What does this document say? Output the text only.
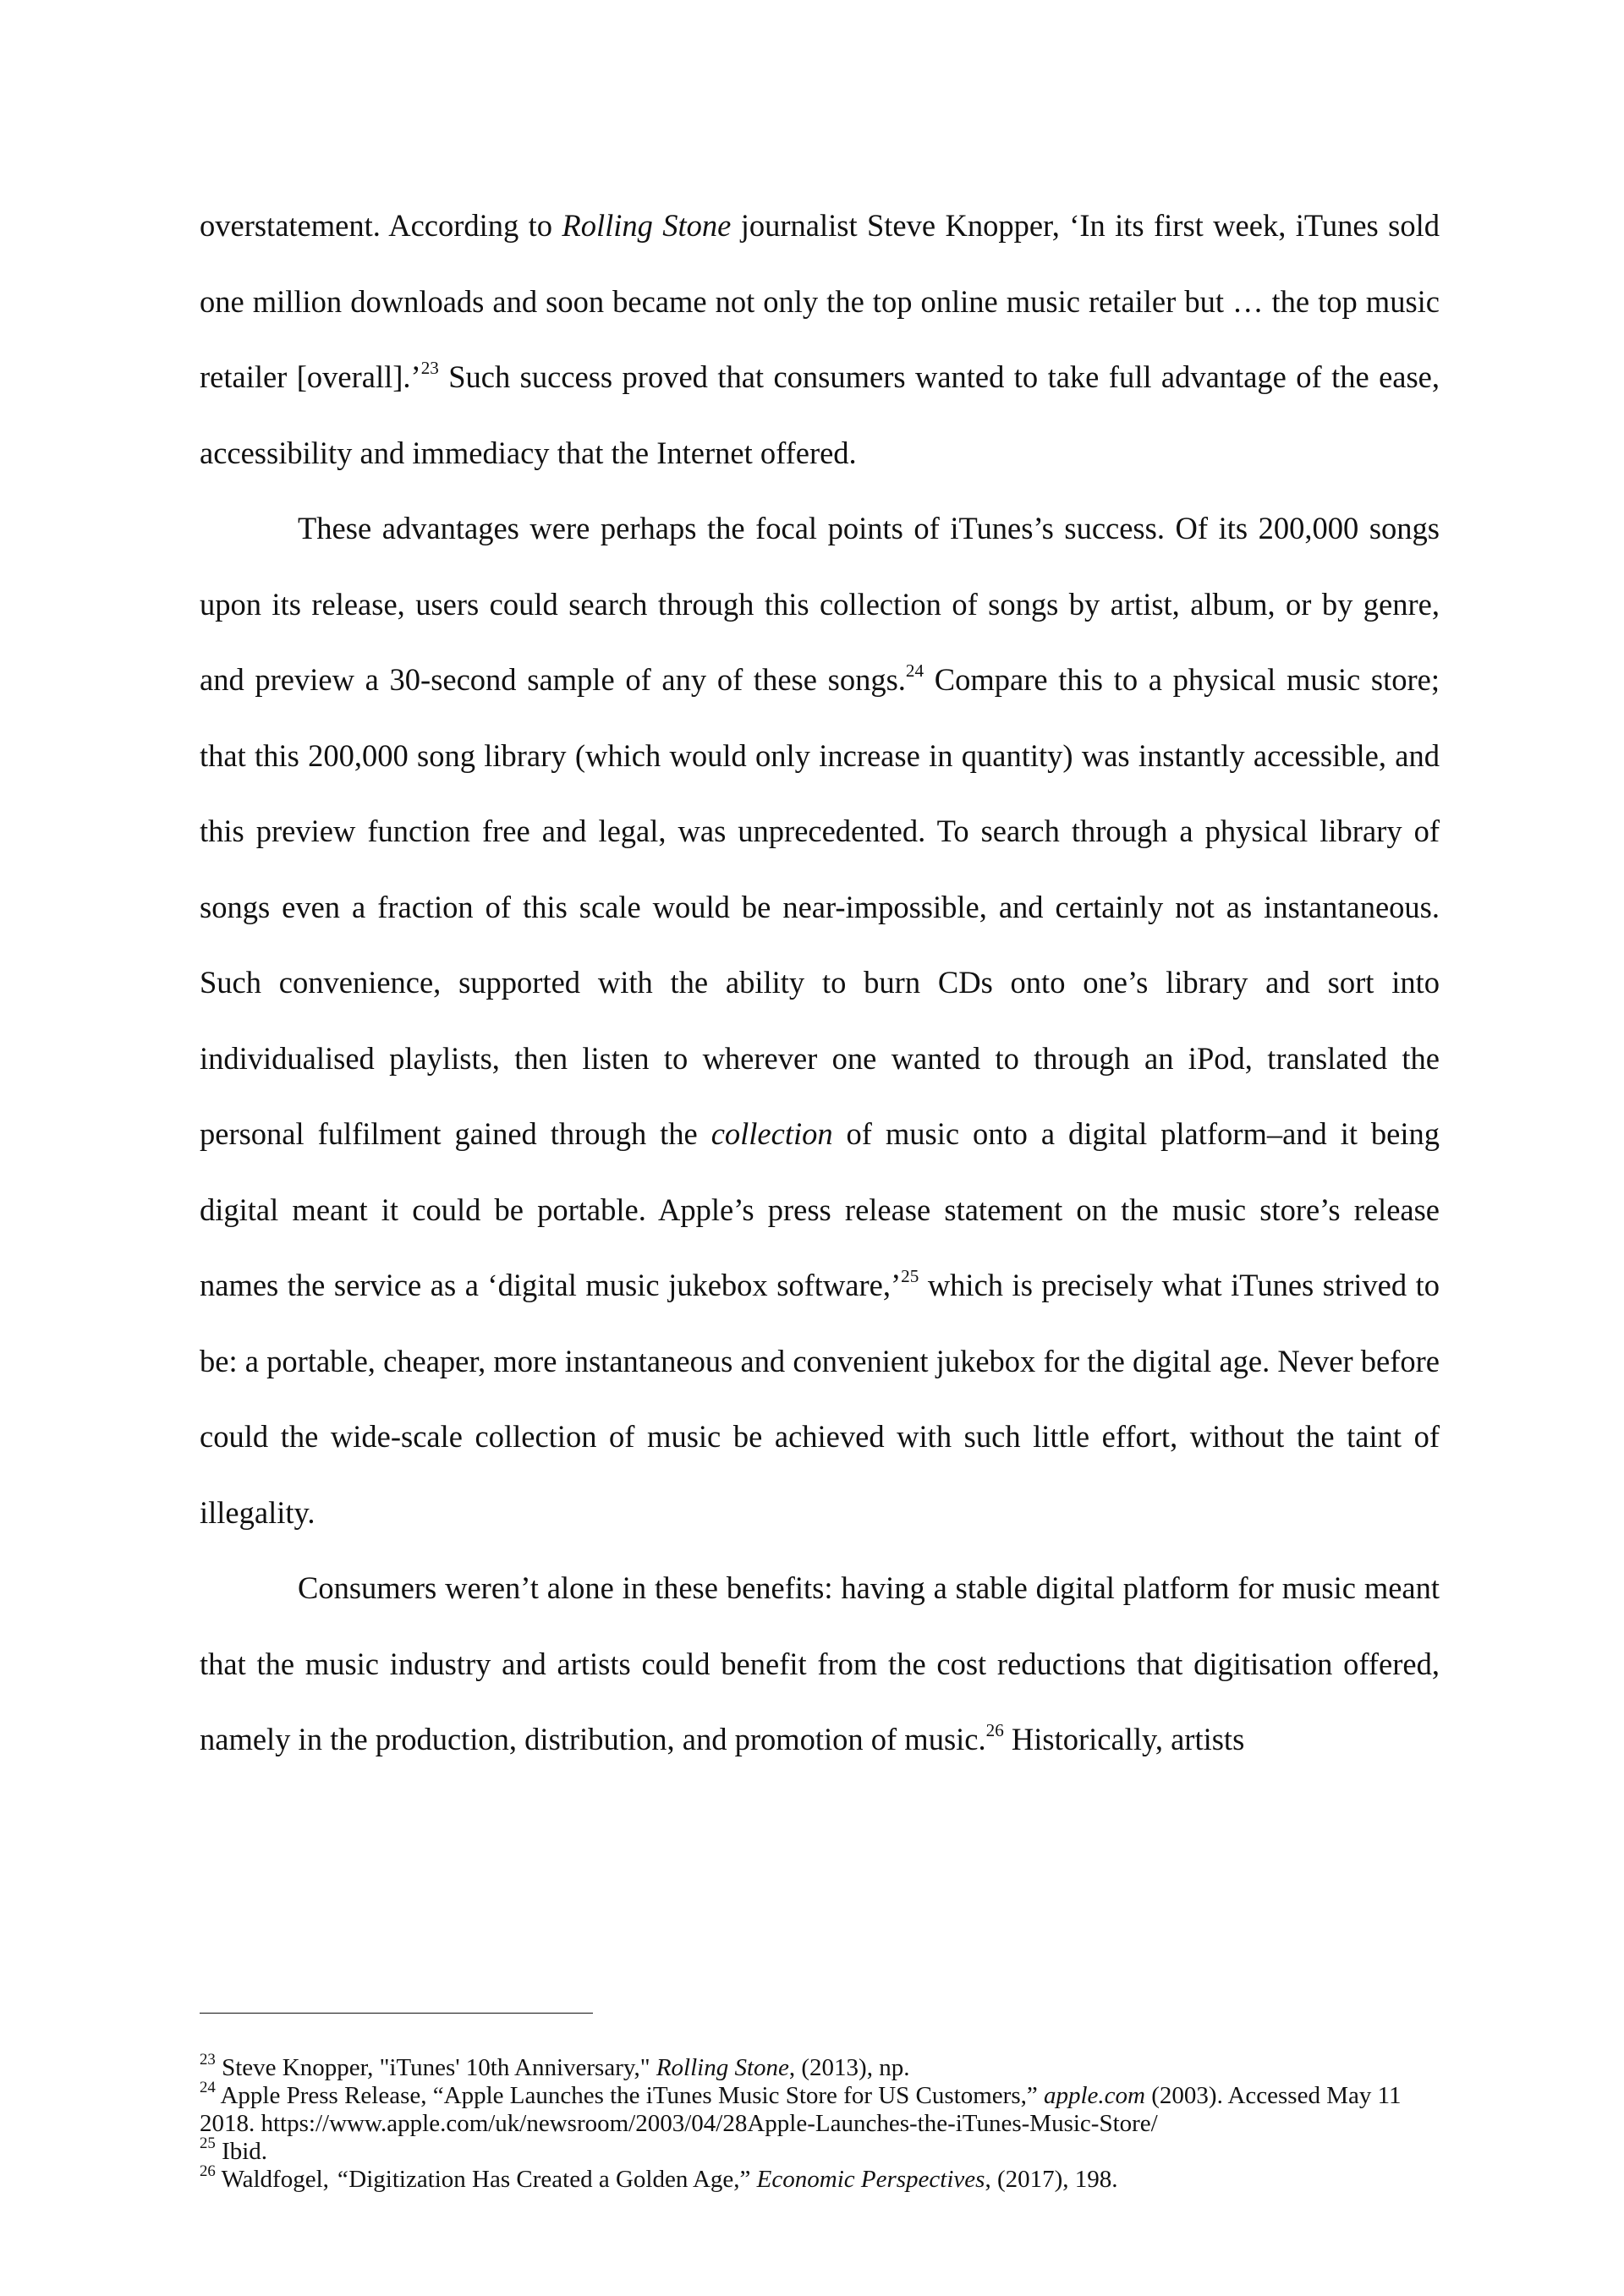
overstatement. According to Rolling Stone journalist Steve Knopper, ‘In its first week, iTunes sold one million downloads and soon became not only the top online music retailer but … the top music retailer [overall].’$^{23}$ Such success proved that consumers wanted to take full advantage of the ease, accessibility and immediacy that the Internet offered.

These advantages were perhaps the focal points of iTunes’s success. Of its 200,000 songs upon its release, users could search through this collection of songs by artist, album, or by genre, and preview a 30-second sample of any of these songs.$^{24}$ Compare this to a physical music store; that this 200,000 song library (which would only increase in quantity) was instantly accessible, and this preview function free and legal, was unprecedented. To search through a physical library of songs even a fraction of this scale would be near-impossible, and certainly not as instantaneous. Such convenience, supported with the ability to burn CDs onto one’s library and sort into individualised playlists, then listen to wherever one wanted to through an iPod, translated the personal fulfilment gained through the collection of music onto a digital platform–and it being digital meant it could be portable. Apple’s press release statement on the music store’s release names the service as a ‘digital music jukebox software,’$^{25}$ which is precisely what iTunes strived to be: a portable, cheaper, more instantaneous and convenient jukebox for the digital age. Never before could the wide-scale collection of music be achieved with such little effort, without the taint of illegality.

Consumers weren’t alone in these benefits: having a stable digital platform for music meant that the music industry and artists could benefit from the cost reductions that digitisation offered, namely in the production, distribution, and promotion of music.$^{26}$ Historically, artists

$^{23}$ Steve Knopper, "iTunes' 10th Anniversary," Rolling Stone, (2013), np.

$^{24}$ Apple Press Release, “Apple Launches the iTunes Music Store for US Customers,” apple.com (2003). Accessed May 11 2018. https://www.apple.com/uk/newsroom/2003/04/28Apple-Launches-the-iTunes-Music-Store/

$^{25}$ Ibid.

$^{26}$ Waldfogel, “Digitization Has Created a Golden Age,” Economic Perspectives, (2017), 198.
